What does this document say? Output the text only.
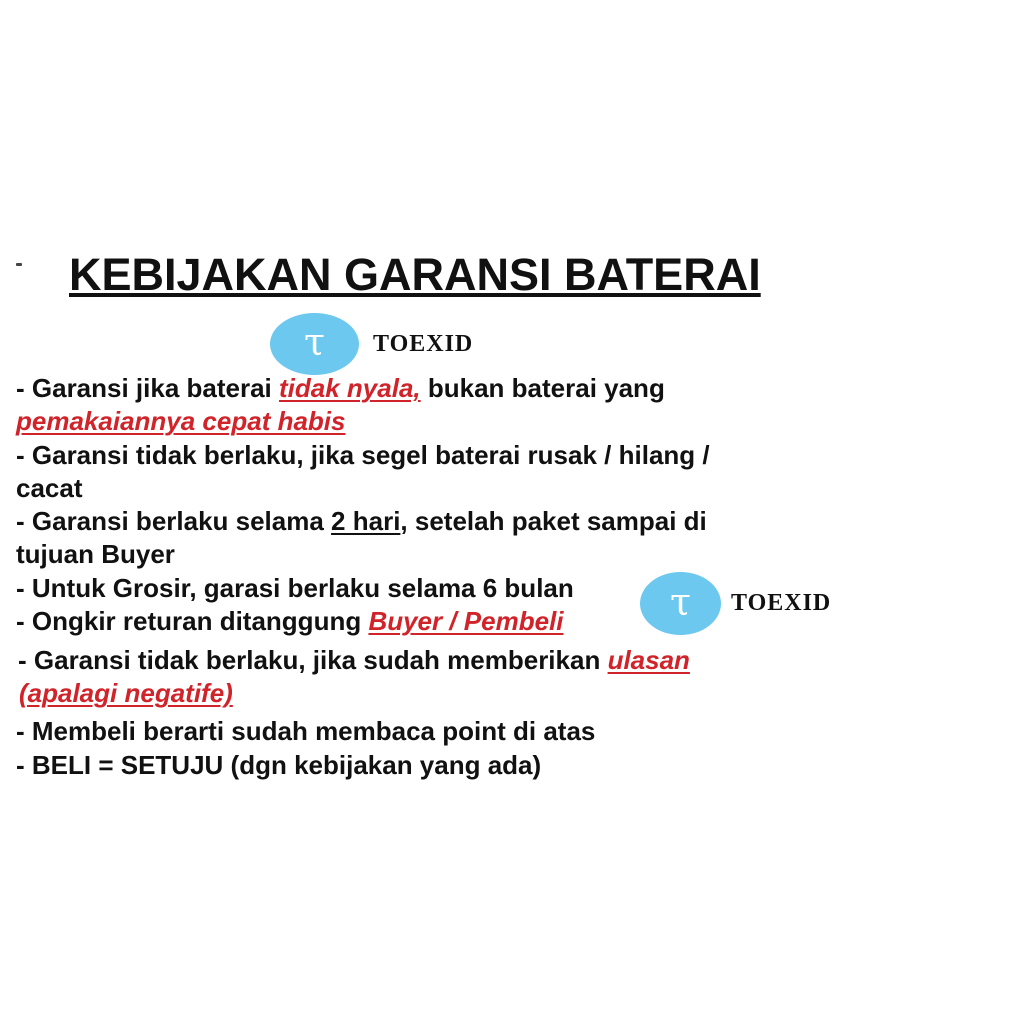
KEBIJAKAN GARANSI BATERAI
τ TOEXID

- Garansi jika baterai tidak nyala, bukan baterai yang

pemakaiannya cepat habis

- Garansi tidak berlaku, jika segel baterai rusak / hilang /

cacat

- Garansi berlaku selama 2 hari, setelah paket sampai di

tujuan Buyer

- Untuk Grosir, garasi berlaku selama 6 bulan	τ TOEXID

- Ongkir returan ditanggung Buyer / Pembeli

- Garansi tidak berlaku, jika sudah memberikan ulasan

(apalagi negatife)

- Membeli berarti sudah membaca point di atas

- BELI = SETUJU (dgn kebijakan yang ada)
